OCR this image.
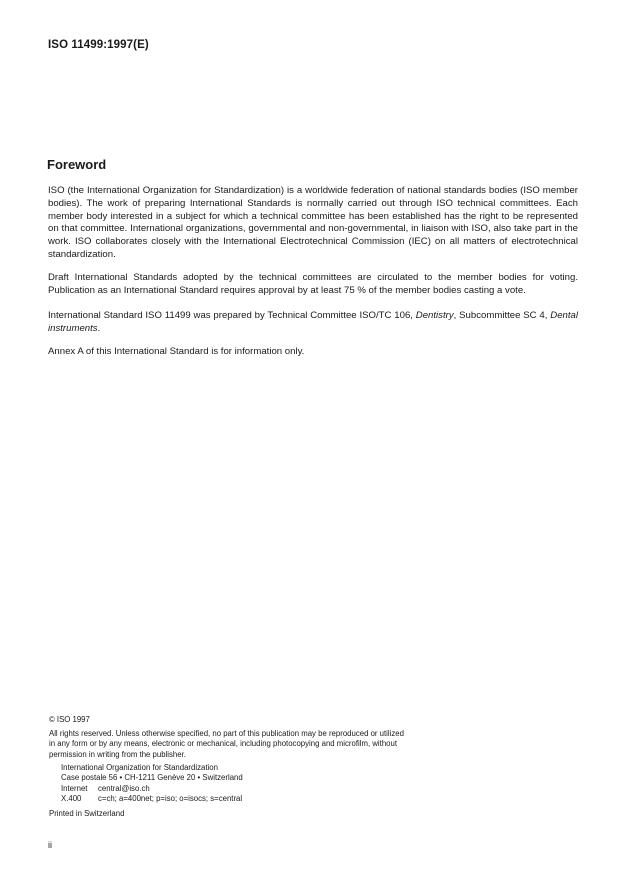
ISO 11499:1997(E)
Foreword

ISO (the International Organization for Standardization) is a worldwide federation of national standards bodies (ISO member bodies). The work of preparing International Standards is normally carried out through ISO technical committees. Each member body interested in a subject for which a technical committee has been established has the right to be represented on that committee. International organizations, governmental and non-governmental, in liaison with ISO, also take part in the work. ISO collaborates closely with the International Electrotechnical Commission (IEC) on all matters of electrotechnical standardization.

Draft International Standards adopted by the technical committees are circulated to the member bodies for voting. Publication as an International Standard requires approval by at least 75 % of the member bodies casting a vote.

International Standard ISO 11499 was prepared by Technical Committee ISO/TC 106, Dentistry, Subcommittee SC 4, Dental instruments.

Annex A of this International Standard is for information only.

© ISO 1997

All rights reserved. Unless otherwise specified, no part of this publication may be reproduced or utilized in any form or by any means, electronic or mechanical, including photocopying and microfilm, without permission in writing from the publisher.

International Organization for Standardization
Case postale 56 • CH-1211 Genève 20 • Switzerland
Internet central@iso.ch
X.400 c=ch; a=400net; p=iso; o=isocs; s=central

Printed in Switzerland

ii
